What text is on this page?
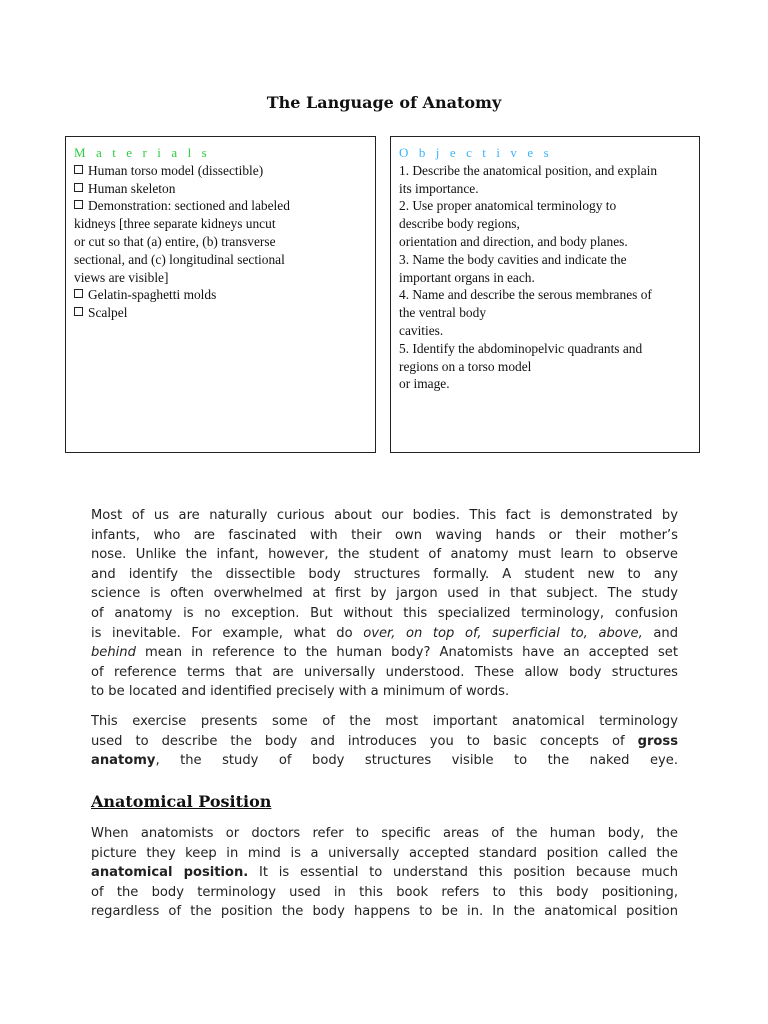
The Language of Anatomy
M a t e r i a l s
Human torso model (dissectible)
Human skeleton
Demonstration: sectioned and labeled
kidneys [three separate kidneys uncut
or cut so that (a) entire, (b) transverse
sectional, and (c) longitudinal sectional
views are visible]
Gelatin-spaghetti molds
Scalpel
O b j e c t i v e s
1. Describe the anatomical position, and explain
its importance.
2. Use proper anatomical terminology to
describe body regions,
orientation and direction, and body planes.
3. Name the body cavities and indicate the
important organs in each.
4. Name and describe the serous membranes of
the ventral body
cavities.
5. Identify the abdominopelvic quadrants and
regions on a torso model
or image.
Most of us are naturally curious about our bodies. This fact is demonstrated by
infants, who are fascinated with their own waving hands or their mother’s
nose. Unlike the infant, however, the student of anatomy must learn to observe
and identify the dissectible body structures formally. A student new to any
science is often overwhelmed at first by jargon used in that subject. The study
of anatomy is no exception. But without this specialized terminology, confusion
is inevitable. For example, what do over, on top of, superficial to, above, and
behind mean in reference to the human body? Anatomists have an accepted set
of reference terms that are universally understood. These allow body structures
to be located and identified precisely with a minimum of words.
This exercise presents some of the most important anatomical terminology
used to describe the body and introduces you to basic concepts of gross
anatomy, the study of body structures visible to the naked eye.
Anatomical Position
When anatomists or doctors refer to specific areas of the human body, the
picture they keep in mind is a universally accepted standard position called the
anatomical position. It is essential to understand this position because much
of the body terminology used in this book refers to this body positioning,
regardless of the position the body happens to be in. In the anatomical position
